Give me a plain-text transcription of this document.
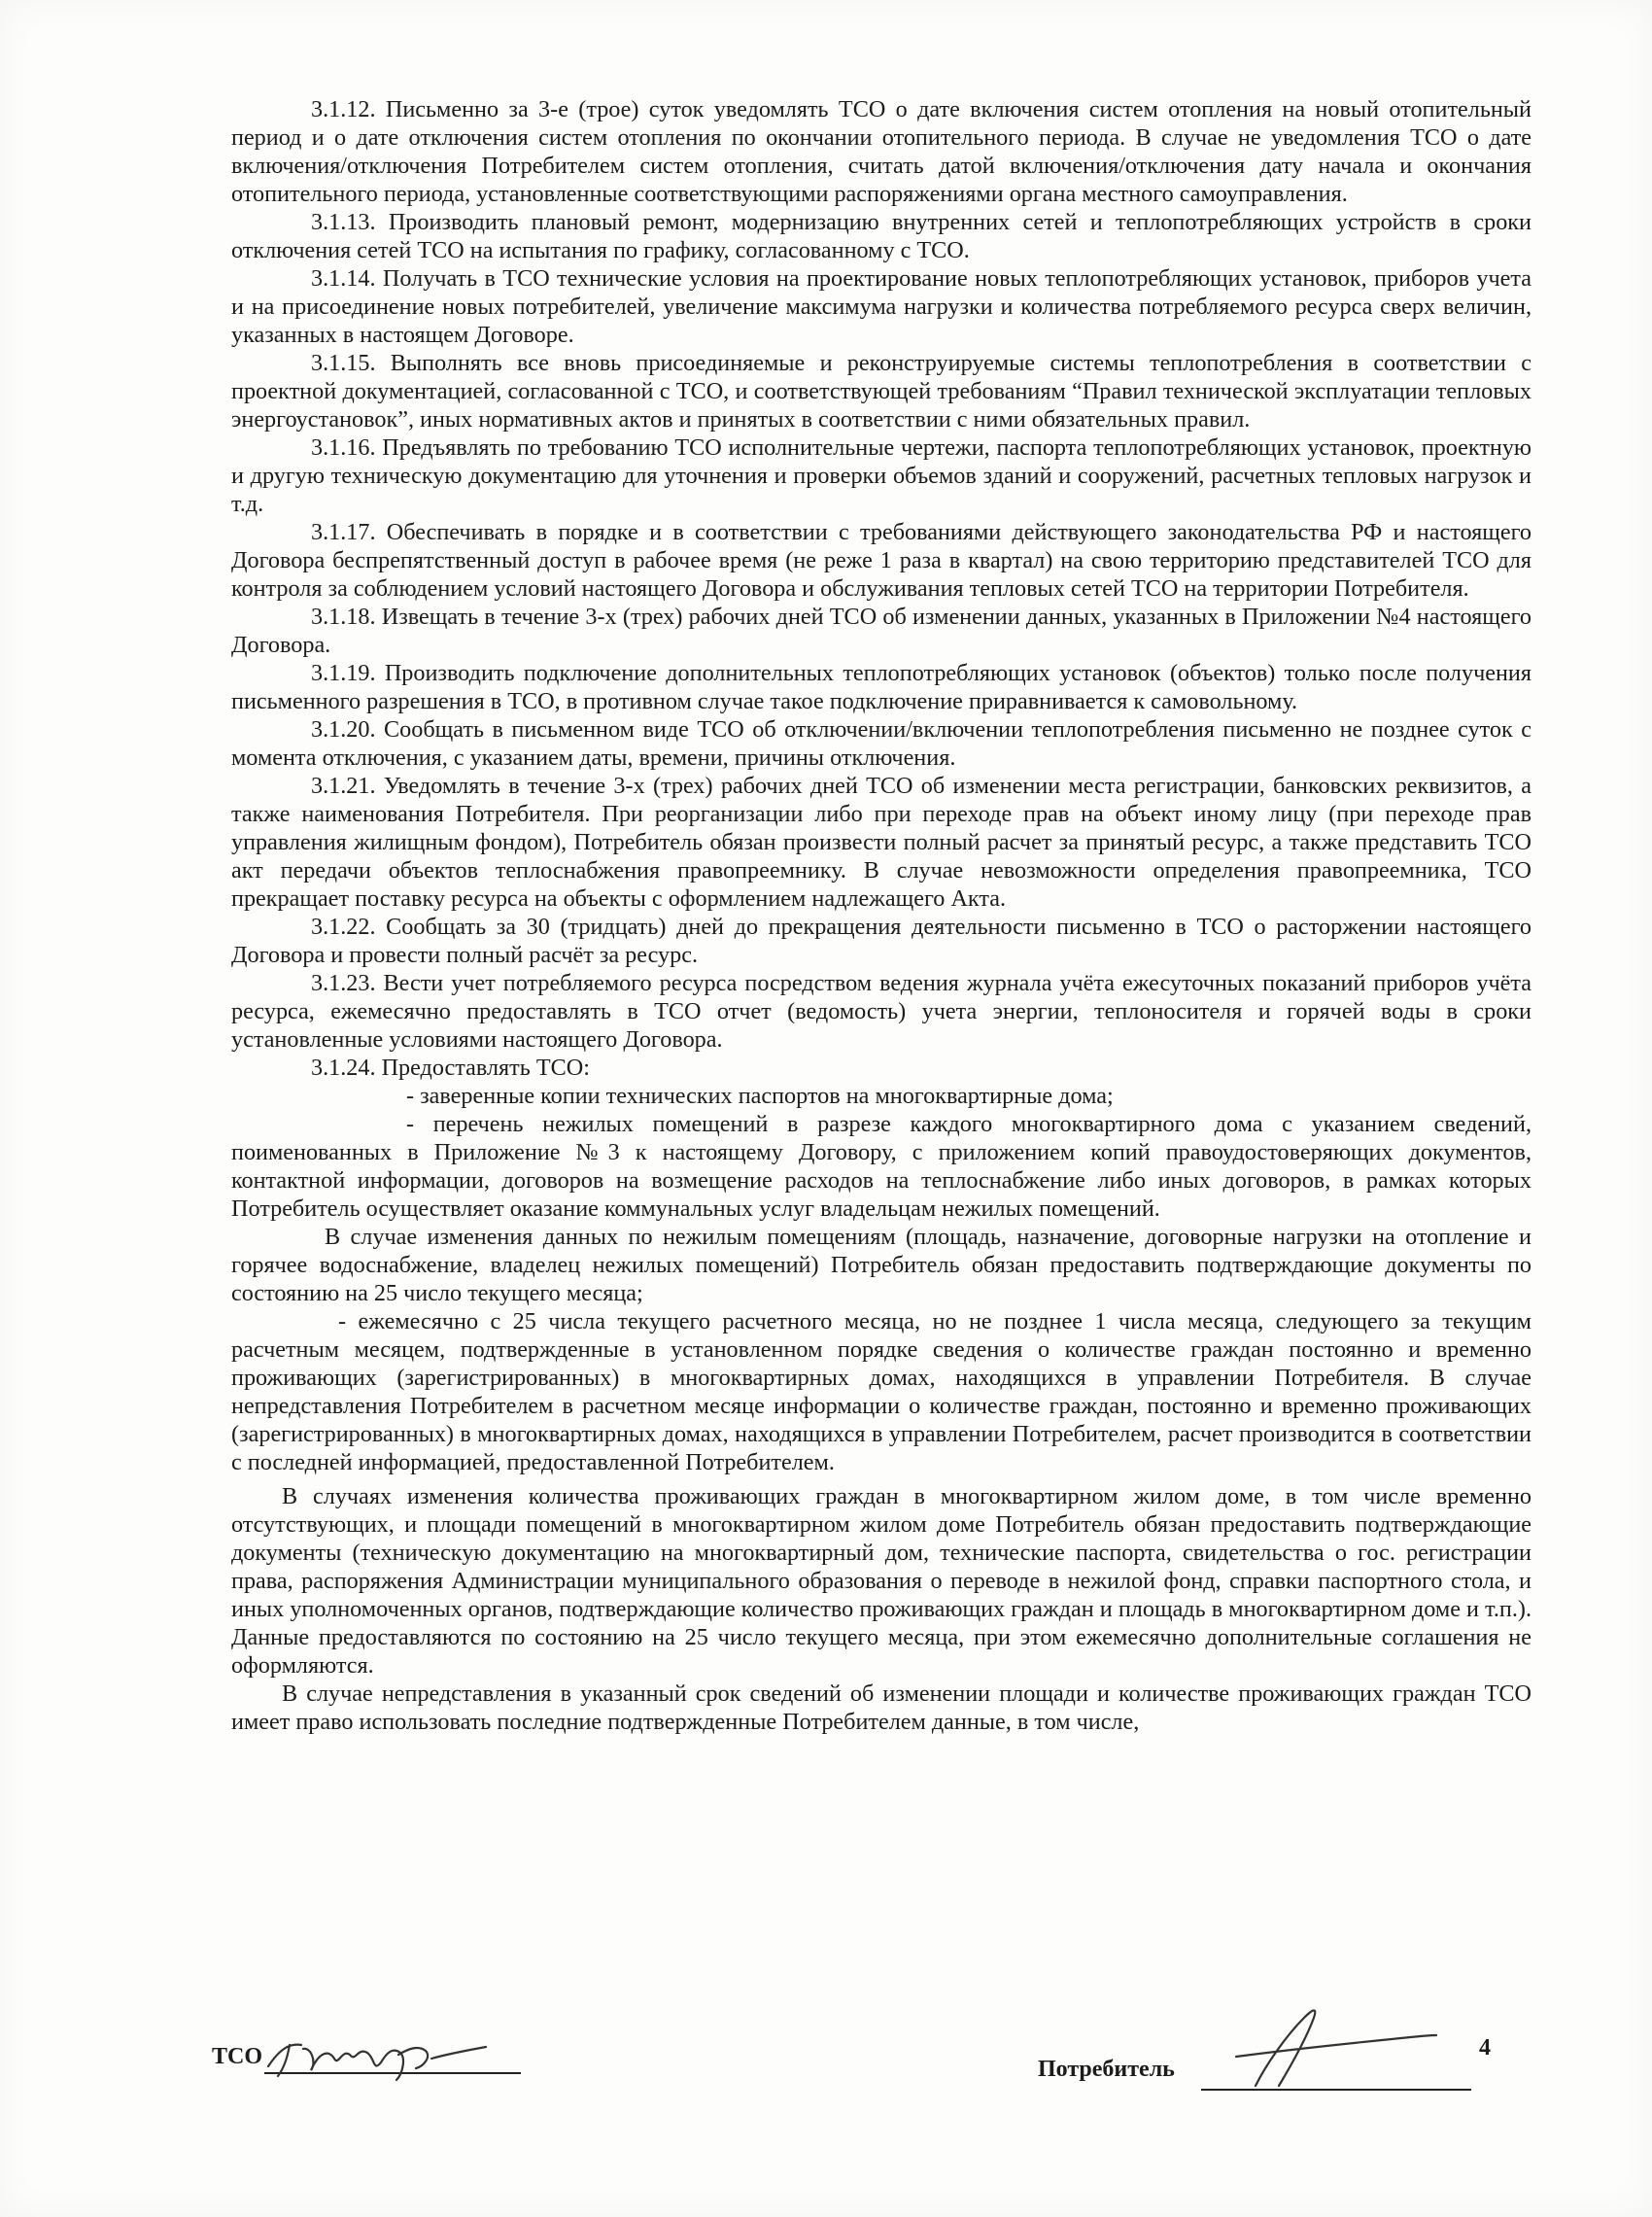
3.1.12. Письменно за 3-е (трое) суток уведомлять ТСО о дате включения систем отопления на новый отопительный период и о дате отключения систем отопления по окончании отопительного периода. В случае не уведомления ТСО о дате включения/отключения Потребителем систем отопления, считать датой включения/отключения дату начала и окончания отопительного периода, установленные соответствующими распоряжениями органа местного самоуправления.

3.1.13. Производить плановый ремонт, модернизацию внутренних сетей и теплопотребляющих устройств в сроки отключения сетей ТСО на испытания по графику, согласованному с ТСО.

3.1.14. Получать в ТСО технические условия на проектирование новых теплопотребляющих установок, приборов учета и на присоединение новых потребителей, увеличение максимума нагрузки и количества потребляемого ресурса сверх величин, указанных в настоящем Договоре.

3.1.15. Выполнять все вновь присоединяемые и реконструируемые системы теплопотребления в соответствии с проектной документацией, согласованной с ТСО, и соответствующей требованиям “Правил технической эксплуатации тепловых энергоустановок”, иных нормативных актов и принятых в соответствии с ними обязательных правил.

3.1.16. Предъявлять по требованию ТСО исполнительные чертежи, паспорта теплопотребляющих установок, проектную и другую техническую документацию для уточнения и проверки объемов зданий и сооружений, расчетных тепловых нагрузок и т.д.

3.1.17. Обеспечивать в порядке и в соответствии с требованиями действующего законодательства РФ и настоящего Договора беспрепятственный доступ в рабочее время (не реже 1 раза в квартал) на свою территорию представителей ТСО для контроля за соблюдением условий настоящего Договора и обслуживания тепловых сетей ТСО на территории Потребителя.

3.1.18. Извещать в течение 3-х (трех) рабочих дней ТСО об изменении данных, указанных в Приложении №4 настоящего Договора.

3.1.19. Производить подключение дополнительных теплопотребляющих установок (объектов) только после получения письменного разрешения в ТСО, в противном случае такое подключение приравнивается к самовольному.

3.1.20. Сообщать в письменном виде ТСО об отключении/включении теплопотребления письменно не позднее суток с момента отключения, с указанием даты, времени, причины отключения.

3.1.21. Уведомлять в течение 3-х (трех) рабочих дней ТСО об изменении места регистрации, банковских реквизитов, а также наименования Потребителя. При реорганизации либо при переходе прав на объект иному лицу (при переходе прав управления жилищным фондом), Потребитель обязан произвести полный расчет за принятый ресурс, а также представить ТСО акт передачи объектов теплоснабжения правопреемнику. В случае невозможности определения правопреемника, ТСО прекращает поставку ресурса на объекты с оформлением надлежащего Акта.

3.1.22. Сообщать за 30 (тридцать) дней до прекращения деятельности письменно в ТСО о расторжении настоящего Договора и провести полный расчёт за ресурс.

3.1.23. Вести учет потребляемого ресурса посредством ведения журнала учёта ежесуточных показаний приборов учёта ресурса, ежемесячно предоставлять в ТСО отчет (ведомость) учета энергии, теплоносителя и горячей воды в сроки установленные условиями настоящего Договора.

3.1.24. Предоставлять ТСО:

- заверенные копии технических паспортов на многоквартирные дома;

- перечень нежилых помещений в разрезе каждого многоквартирного дома с указанием сведений, поименованных в Приложение №3 к настоящему Договору, с приложением копий правоудостоверяющих документов, контактной информации, договоров на возмещение расходов на теплоснабжение либо иных договоров, в рамках которых Потребитель осуществляет оказание коммунальных услуг владельцам нежилых помещений.

В случае изменения данных по нежилым помещениям (площадь, назначение, договорные нагрузки на отопление и горячее водоснабжение, владелец нежилых помещений) Потребитель обязан предоставить подтверждающие документы по состоянию на 25 число текущего месяца;

- ежемесячно с 25 числа текущего расчетного месяца, но не позднее 1 числа месяца, следующего за текущим расчетным месяцем, подтвержденные в установленном порядке сведения о количестве граждан постоянно и временно проживающих (зарегистрированных) в многоквартирных домах, находящихся в управлении Потребителя. В случае непредставления Потребителем в расчетном месяце информации о количестве граждан, постоянно и временно проживающих (зарегистрированных) в многоквартирных домах, находящихся в управлении Потребителем, расчет производится в соответствии с последней информацией, предоставленной Потребителем.

В случаях изменения количества проживающих граждан в многоквартирном жилом доме, в том числе временно отсутствующих, и площади помещений в многоквартирном жилом доме Потребитель обязан предоставить подтверждающие документы (техническую документацию на многоквартирный дом, технические паспорта, свидетельства о гос. регистрации права, распоряжения Администрации муниципального образования о переводе в нежилой фонд, справки паспортного стола, и иных уполномоченных органов, подтверждающие количество проживающих граждан и площадь в многоквартирном доме и т.п.). Данные предоставляются по состоянию на 25 число текущего месяца, при этом ежемесячно дополнительные соглашения не оформляются.

В случае непредставления в указанный срок сведений об изменении площади и количестве проживающих граждан ТСО имеет право использовать последние подтвержденные Потребителем данные, в том числе,

ТСО	Потребитель
4
